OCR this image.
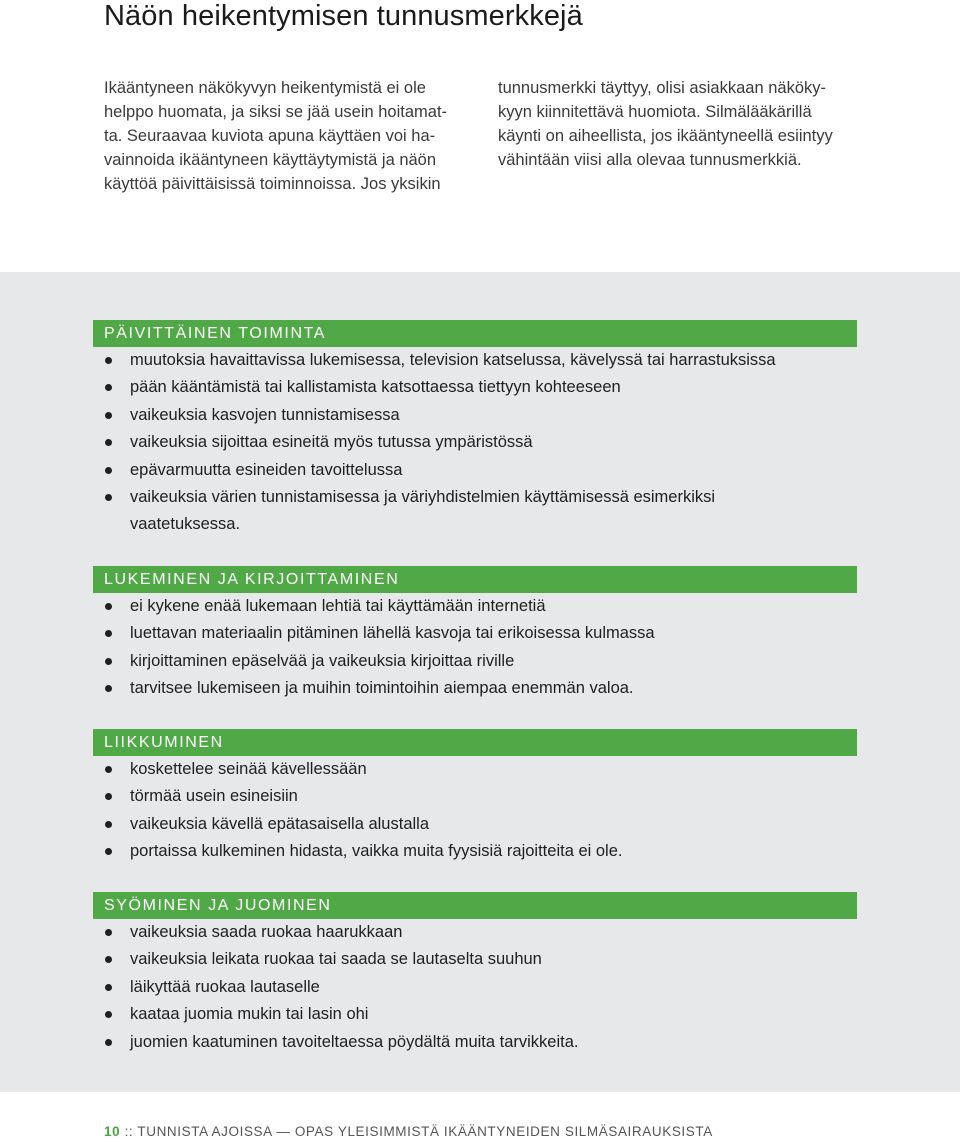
Näön heikentymisen tunnusmerkkejä
Ikääntyneen näkökyvyn heikentymistä ei ole
helppo huomata, ja siksi se jää usein hoitamat-
ta. Seuraavaa kuviota apuna käyttäen voi ha-
vainnoida ikääntyneen käyttäytymistä ja näön
käyttöä päivittäisissä toiminnoissa. Jos yksikin
tunnusmerkki täyttyy, olisi asiakkaan näköky-
kyyn kiinnitettävä huomiota. Silmälääkärillä
käynti on aiheellista, jos ikääntyneellä esiintyy
vähintään viisi alla olevaa tunnusmerkkiä.
PÄIVITTÄINEN TOIMINTA
muutoksia havaittavissa lukemisessa, television katselussa, kävelyssä tai harrastuksissa
pään kääntämistä tai kallistamista katsottaessa tiettyyn kohteeseen
vaikeuksia kasvojen tunnistamisessa
vaikeuksia sijoittaa esineitä myös tutussa ympäristössä
epävarmuutta esineiden tavoittelussa
vaikeuksia värien tunnistamisessa ja väriyhdistelmien käyttämisessä esimerkiksi
vaatetuksessa.
LUKEMINEN JA KIRJOITTAMINEN
ei kykene enää lukemaan lehtiä tai käyttämään internetiä
luettavan materiaalin pitäminen lähellä kasvoja tai erikoisessa kulmassa
kirjoittaminen epäselvää ja vaikeuksia kirjoittaa riville
tarvitsee lukemiseen ja muihin toimintoihin aiempaa enemmän valoa.
LIIKKUMINEN
koskettelee seinää kävellessään
törmää usein esineisiin
vaikeuksia kävellä epätasaisella alustalla
portaissa kulkeminen hidasta, vaikka muita fyysisiä rajoitteita ei ole.
SYÖMINEN JA JUOMINEN
vaikeuksia saada ruokaa haarukkaan
vaikeuksia leikata ruokaa tai saada se lautaselta suuhun
läikyttää ruokaa lautaselle
kaataa juomia mukin tai lasin ohi
juomien kaatuminen tavoiteltaessa pöydältä muita tarvikkeita.
10 :: TUNNISTA AJOISSA — OPAS YLEISIMMISTÄ IKÄÄNTYNEIDEN SILMÄSAIRAUKSISTA
